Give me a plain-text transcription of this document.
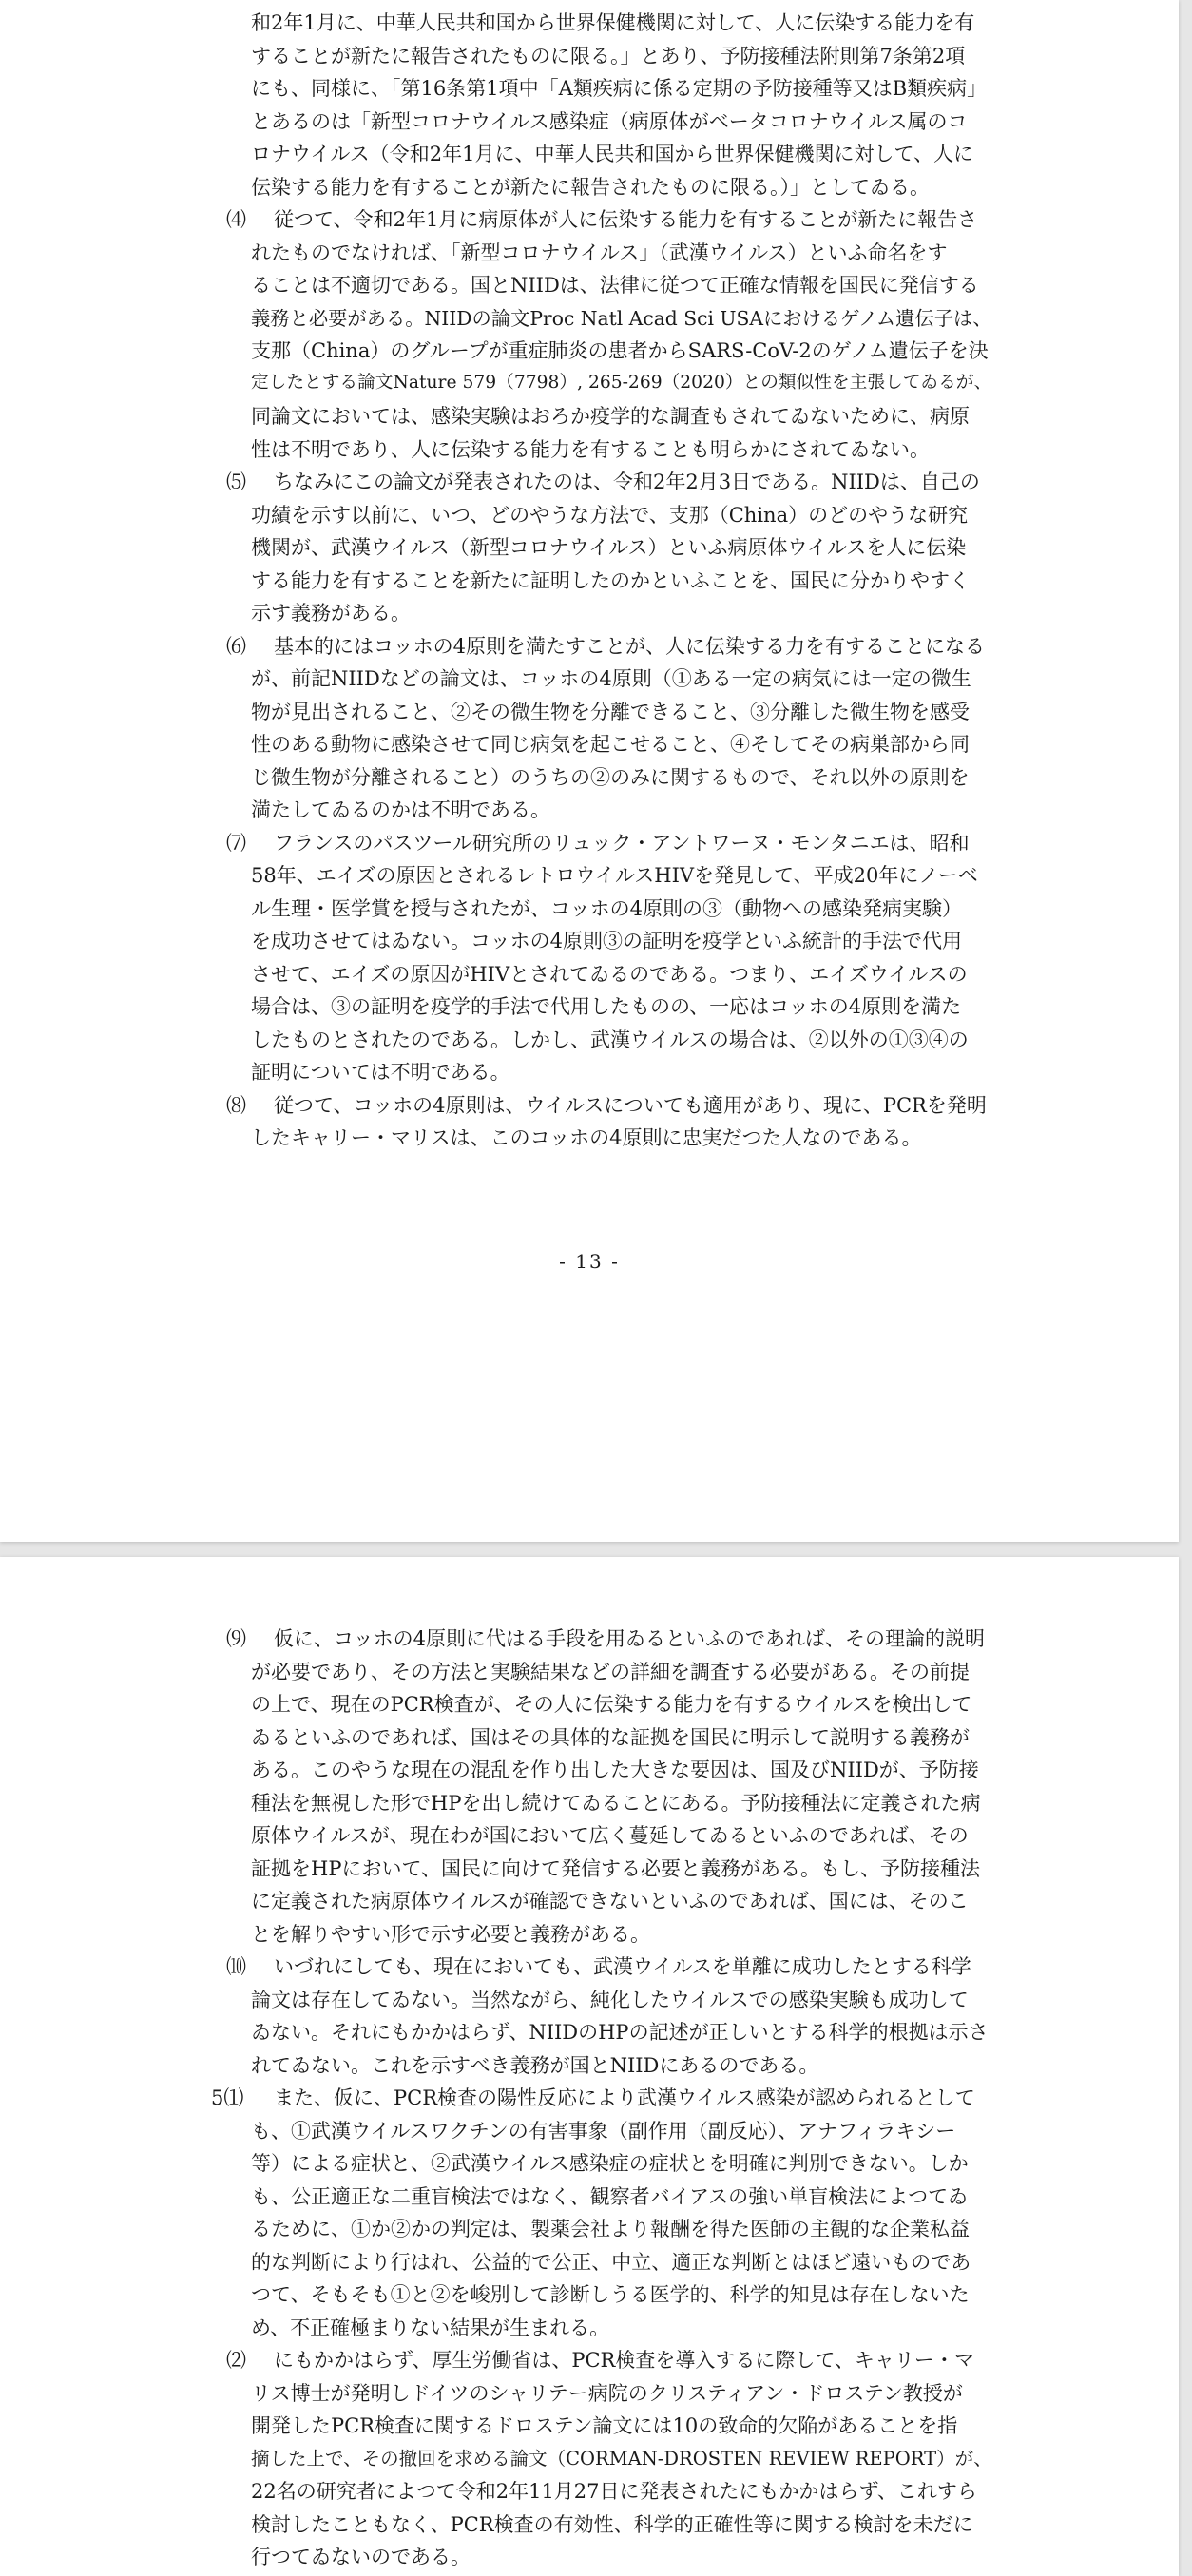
和2年1月に、中華人民共和国から世界保健機関に対して、人に伝染する能力を有
することが新たに報告されたものに限る。」とあり、予防接種法附則第7条第2項
にも、同様に、「第16条第1項中「A類疾病に係る定期の予防接種等又はB類疾病」
とあるのは「新型コロナウイルス感染症（病原体がベータコロナウイルス属のコ
ロナウイルス（令和2年1月に、中華人民共和国から世界保健機関に対して、人に
伝染する能力を有することが新たに報告されたものに限る。）」としてゐる。
⑷ 従つて、令和2年1月に病原体が人に伝染する能力を有することが新たに報告さ
れたものでなければ、「新型コロナウイルス」（武漢ウイルス）といふ命名をす
ることは不適切である。国とNIIDは、法律に従つて正確な情報を国民に発信する
義務と必要がある。NIIDの論文Proc Natl Acad Sci USAにおけるゲノム遺伝子は、
支那（China）のグループが重症肺炎の患者からSARS-CoV-2のゲノム遺伝子を決
定したとする論文Nature 579（7798）, 265-269（2020）との類似性を主張してゐるが、
同論文においては、感染実験はおろか疫学的な調査もされてゐないために、病原
性は不明であり、人に伝染する能力を有することも明らかにされてゐない。
⑸ ちなみにこの論文が発表されたのは、令和2年2月3日である。NIIDは、自己の
功績を示す以前に、いつ、どのやうな方法で、支那（China）のどのやうな研究
機関が、武漢ウイルス（新型コロナウイルス）といふ病原体ウイルスを人に伝染
する能力を有することを新たに証明したのかといふことを、国民に分かりやすく
示す義務がある。
⑹ 基本的にはコッホの4原則を満たすことが、人に伝染する力を有することになる
が、前記NIIDなどの論文は、コッホの4原則（①ある一定の病気には一定の微生
物が見出されること、②その微生物を分離できること、③分離した微生物を感受
性のある動物に感染させて同じ病気を起こせること、④そしてその病巣部から同
じ微生物が分離されること）のうちの②のみに関するもので、それ以外の原則を
満たしてゐるのかは不明である。
⑺ フランスのパスツール研究所のリュック・アントワーヌ・モンタニエは、昭和
58年、エイズの原因とされるレトロウイルスHIVを発見して、平成20年にノーベ
ル生理・医学賞を授与されたが、コッホの4原則の③（動物への感染発病実験）
を成功させてはゐない。コッホの4原則③の証明を疫学といふ統計的手法で代用
させて、エイズの原因がHIVとされてゐるのである。つまり、エイズウイルスの
場合は、③の証明を疫学的手法で代用したものの、一応はコッホの4原則を満た
したものとされたのである。しかし、武漢ウイルスの場合は、②以外の①③④の
証明については不明である。
⑻ 従つて、コッホの4原則は、ウイルスについても適用があり、現に、PCRを発明
したキャリー・マリスは、このコッホの4原則に忠実だつた人なのである。
- 13 -
⑼ 仮に、コッホの4原則に代はる手段を用ゐるといふのであれば、その理論的説明
が必要であり、その方法と実験結果などの詳細を調査する必要がある。その前提
の上で、現在のPCR検査が、その人に伝染する能力を有するウイルスを検出して
ゐるといふのであれば、国はその具体的な証拠を国民に明示して説明する義務が
ある。このやうな現在の混乱を作り出した大きな要因は、国及びNIIDが、予防接
種法を無視した形でHPを出し続けてゐることにある。予防接種法に定義された病
原体ウイルスが、現在わが国において広く蔓延してゐるといふのであれば、その
証拠をHPにおいて、国民に向けて発信する必要と義務がある。もし、予防接種法
に定義された病原体ウイルスが確認できないといふのであれば、国には、そのこ
とを解りやすい形で示す必要と義務がある。
⑽ いづれにしても、現在においても、武漢ウイルスを単離に成功したとする科学
論文は存在してゐない。当然ながら、純化したウイルスでの感染実験も成功して
ゐない。それにもかかはらず、NIIDのHPの記述が正しいとする科学的根拠は示さ
れてゐない。これを示すべき義務が国とNIIDにあるのである。
5⑴ また、仮に、PCR検査の陽性反応により武漢ウイルス感染が認められるとして
も、①武漢ウイルスワクチンの有害事象（副作用（副反応）、アナフィラキシー
等）による症状と、②武漢ウイルス感染症の症状とを明確に判別できない。しか
も、公正適正な二重盲検法ではなく、観察者バイアスの強い単盲検法によつてゐ
るために、①か②かの判定は、製薬会社より報酬を得た医師の主観的な企業私益
的な判断により行はれ、公益的で公正、中立、適正な判断とはほど遠いものであ
つて、そもそも①と②を峻別して診断しうる医学的、科学的知見は存在しないた
め、不正確極まりない結果が生まれる。
⑵ にもかかはらず、厚生労働省は、PCR検査を導入するに際して、キャリー・マ
リス博士が発明しドイツのシャリテー病院のクリスティアン・ドロステン教授が
開発したPCR検査に関するドロステン論文には10の致命的欠陥があることを指
摘した上で、その撤回を求める論文（CORMAN-DROSTEN REVIEW REPORT）が、
22名の研究者によつて令和2年11月27日に発表されたにもかかはらず、これすら
検討したこともなく、PCR検査の有効性、科学的正確性等に関する検討を未だに
行つてゐないのである。
